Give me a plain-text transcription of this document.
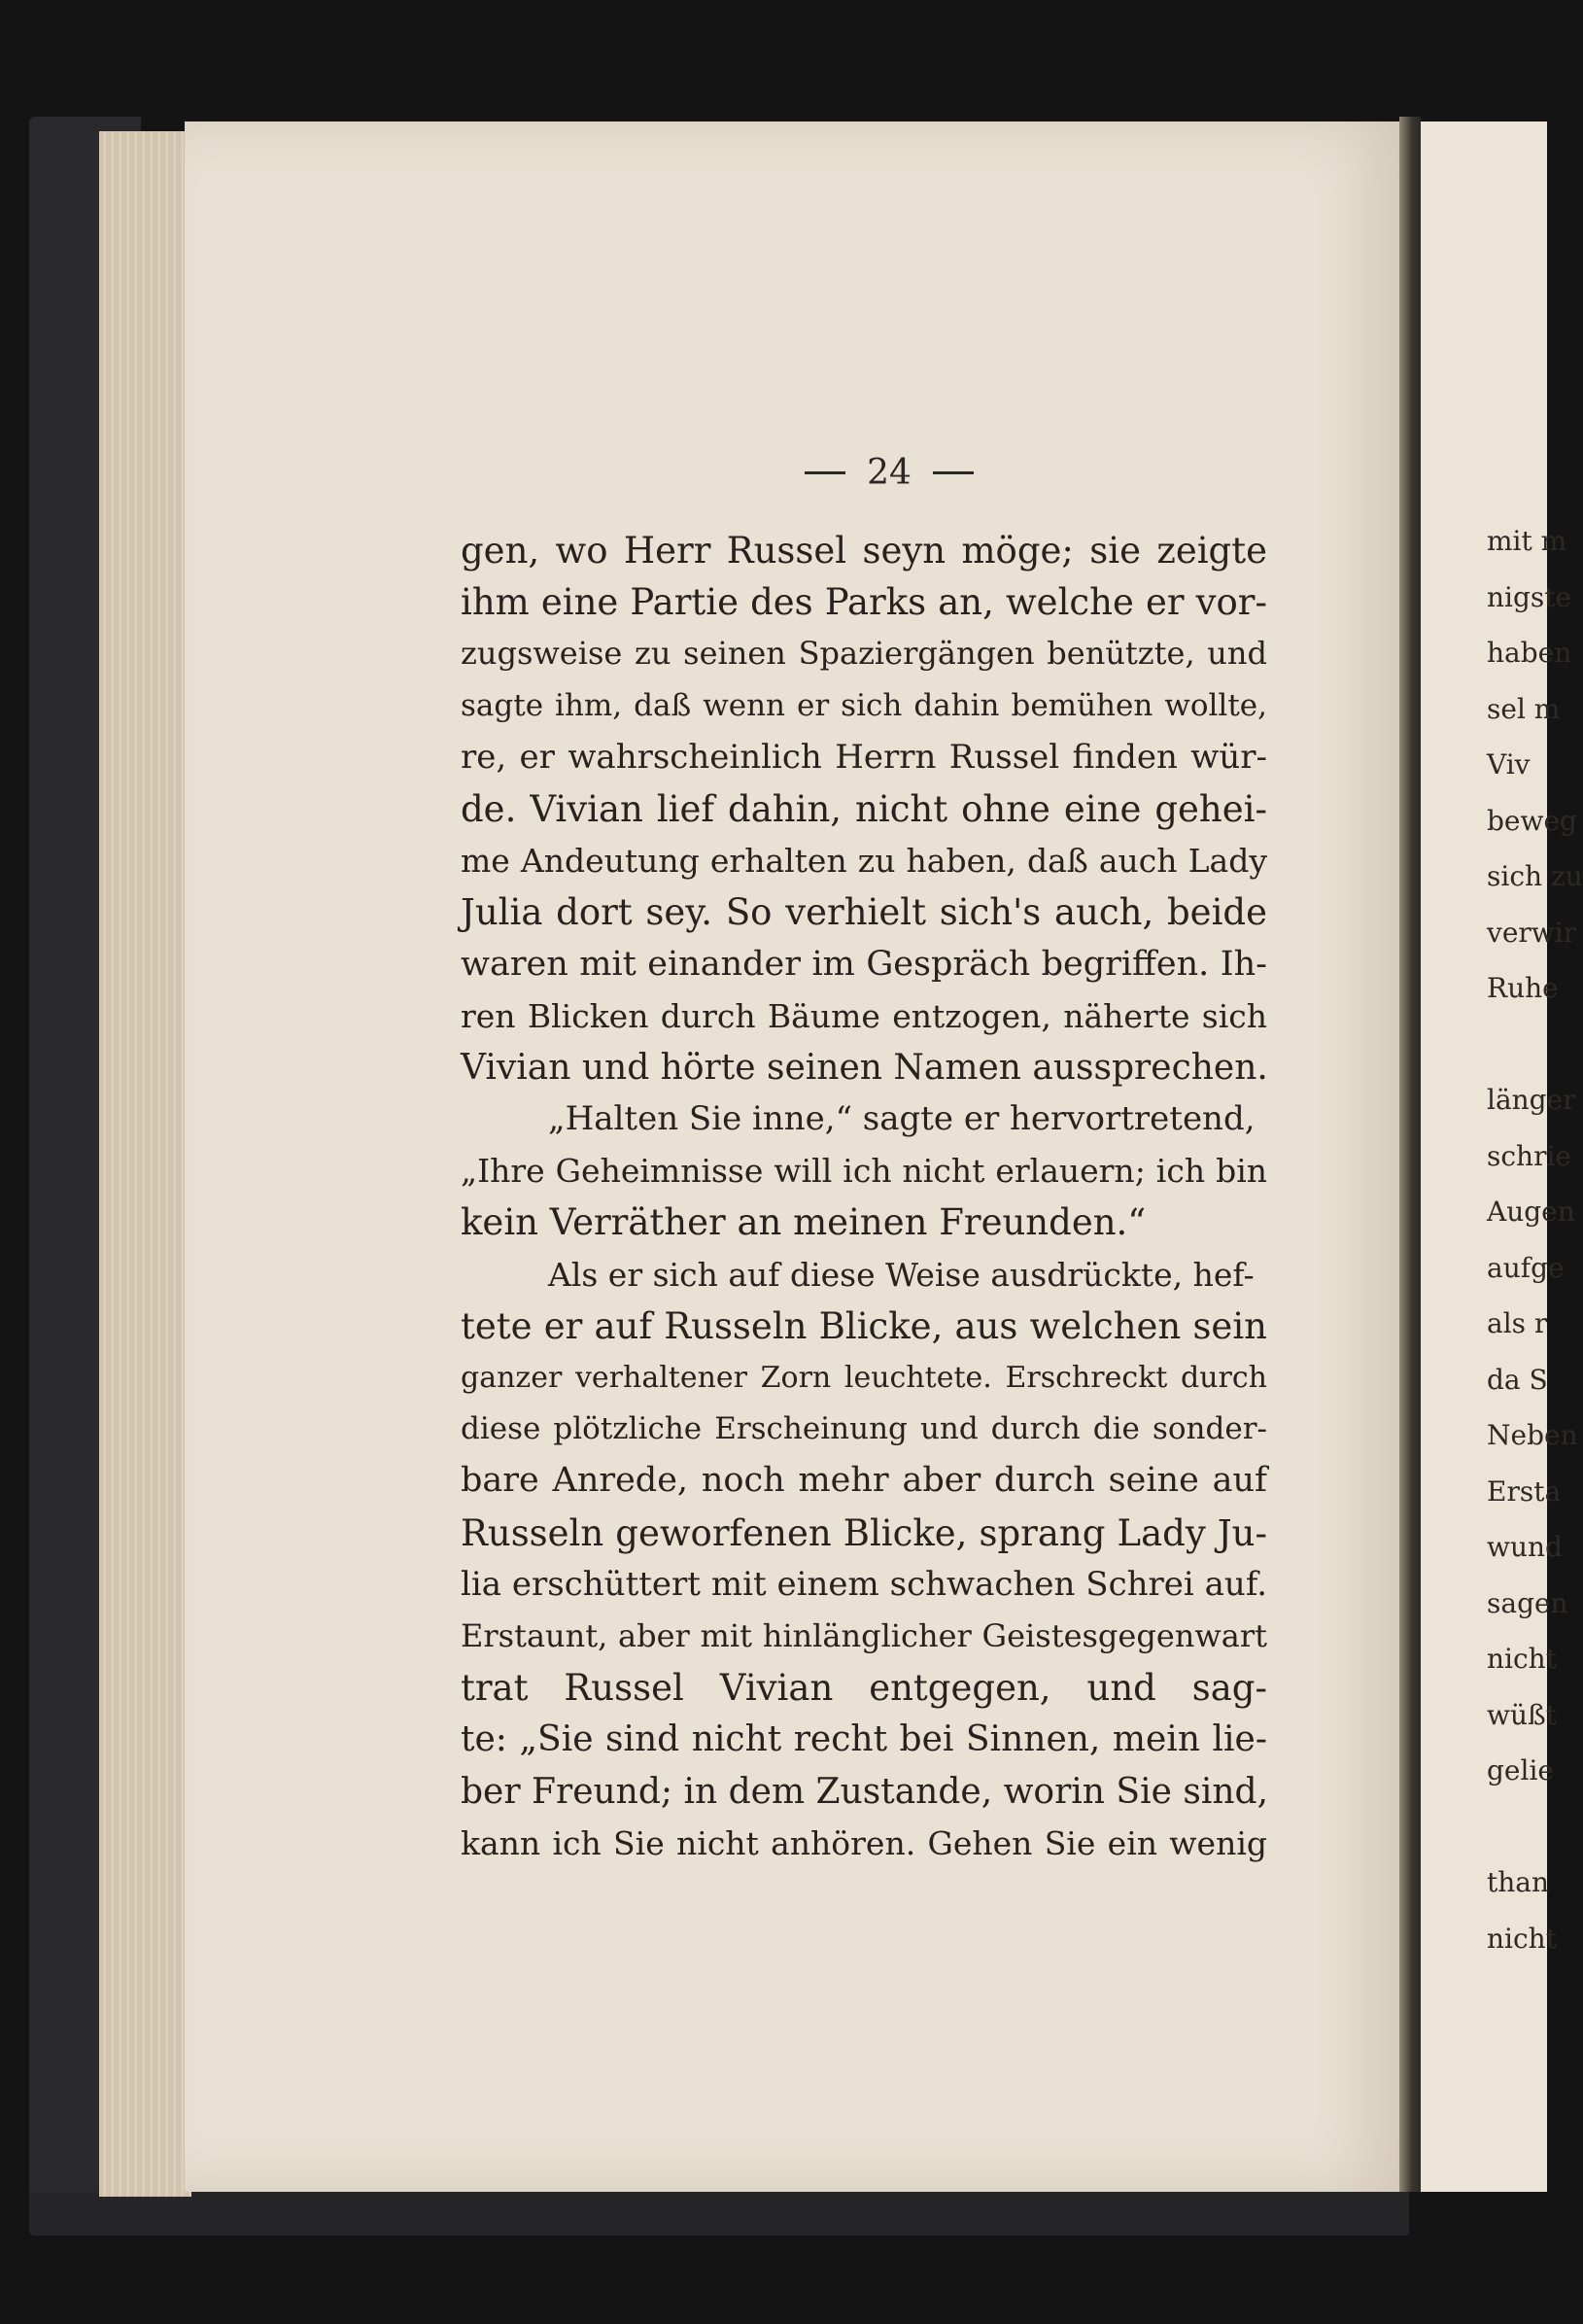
24
gen, wo Herr Russel seyn möge; sie zeigte
ihm eine Partie des Parks an, welche er vor-
zugsweise zu seinen Spaziergängen benützte, und
sagte ihm, daß wenn er sich dahin bemühen wollte,
re, er wahrscheinlich Herrn Russel finden wür-
de. Vivian lief dahin, nicht ohne eine gehei-
me Andeutung erhalten zu haben, daß auch Lady
Julia dort sey. So verhielt sich's auch, beide
waren mit einander im Gespräch begriffen. Ih-
ren Blicken durch Bäume entzogen, näherte sich
Vivian und hörte seinen Namen aussprechen.
„Halten Sie inne,“ sagte er hervortretend,
„Ihre Geheimnisse will ich nicht erlauern; ich bin
kein Verräther an meinen Freunden.“
Als er sich auf diese Weise ausdrückte, hef-
tete er auf Russeln Blicke, aus welchen sein
ganzer verhaltener Zorn leuchtete. Erschreckt durch
diese plötzliche Erscheinung und durch die sonder-
bare Anrede, noch mehr aber durch seine auf
Russeln geworfenen Blicke, sprang Lady Ju-
lia erschüttert mit einem schwachen Schrei auf.
Erstaunt, aber mit hinlänglicher Geistesgegenwart
trat Russel Vivian entgegen, und sag-
te: „Sie sind nicht recht bei Sinnen, mein lie-
ber Freund; in dem Zustande, worin Sie sind,
kann ich Sie nicht anhören. Gehen Sie ein wenig
mit m
nigste
haben
sel m
Viv
beweg
sich zu
verwir
Ruhe
länger
schrie
Augen
aufge
als r
da S
Neben
Ersta
wund
sagen
nicht
wüßt
gelie
than
nicht
